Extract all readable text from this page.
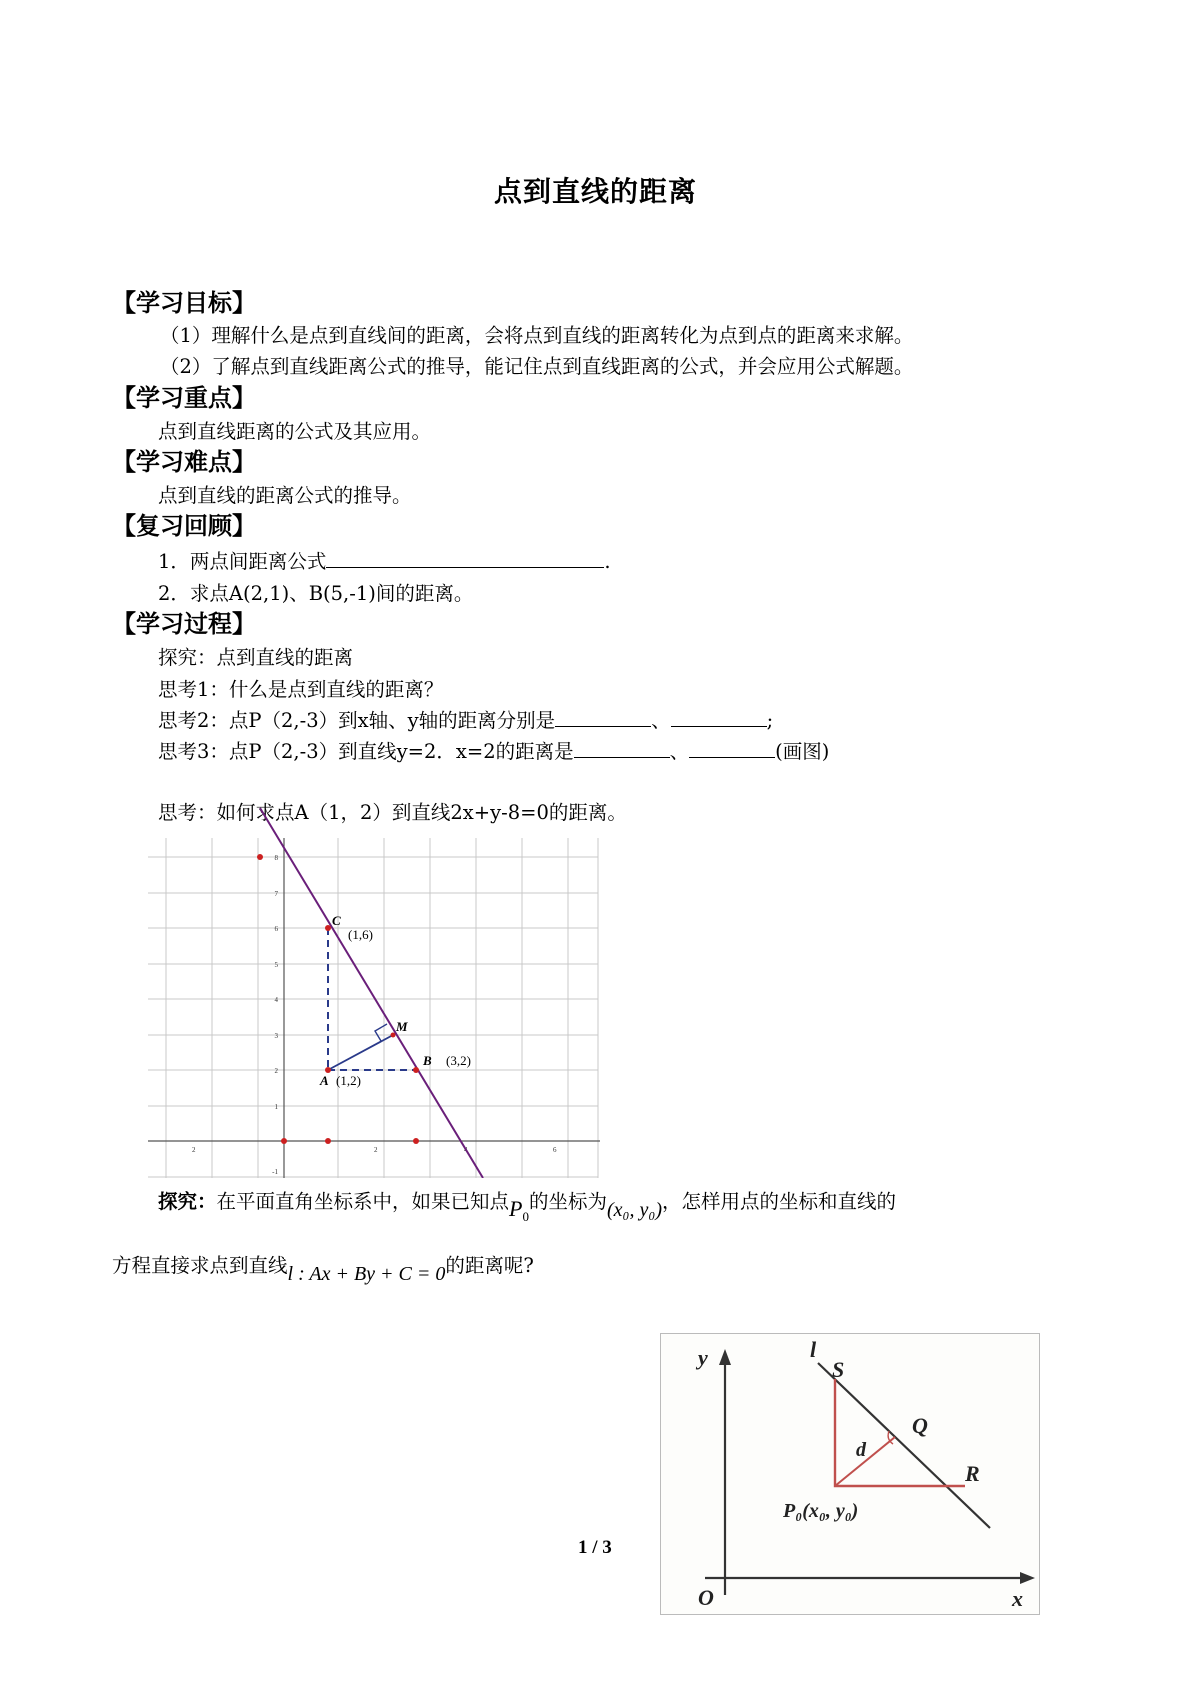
点到直线的距离
【学习目标】
（1）理解什么是点到直线间的距离，会将点到直线的距离转化为点到点的距离来求解。
（2）了解点到直线距离公式的推导，能记住点到直线距离的公式，并会应用公式解题。
【学习重点】
点到直线距离的公式及其应用。
【学习难点】
点到直线的距离公式的推导。
【复习回顾】
1．两点间距离公式	.
2．求点A(2,1)、B(5,-1)间的距离。
【学习过程】
探究：点到直线的距离
思考1：什么是点到直线的距离？
思考2：点P（2,-3）到x轴、y轴的距离分别是	、	;
思考3：点P（2,-3）到直线y=2．x=2的距离是	、	(画图)
思考：如何求点A（1，2）到直线2x+y-8=0的距离。
8
7
6
5
4
3
2
1
-1
2	2	6
C
M
B
A
(1,6)
(3,2)
(1,2)
探究：在平面直角坐标系中，如果已知点$P_0$的坐标为(x₀, y₀)，怎样用点的坐标和直线的
方程直接求点到直线l : Ax + By + C = 0的距离呢?
y	l
S
Q
d
R
P₀(x₀, y₀)
O	x
1 / 3
